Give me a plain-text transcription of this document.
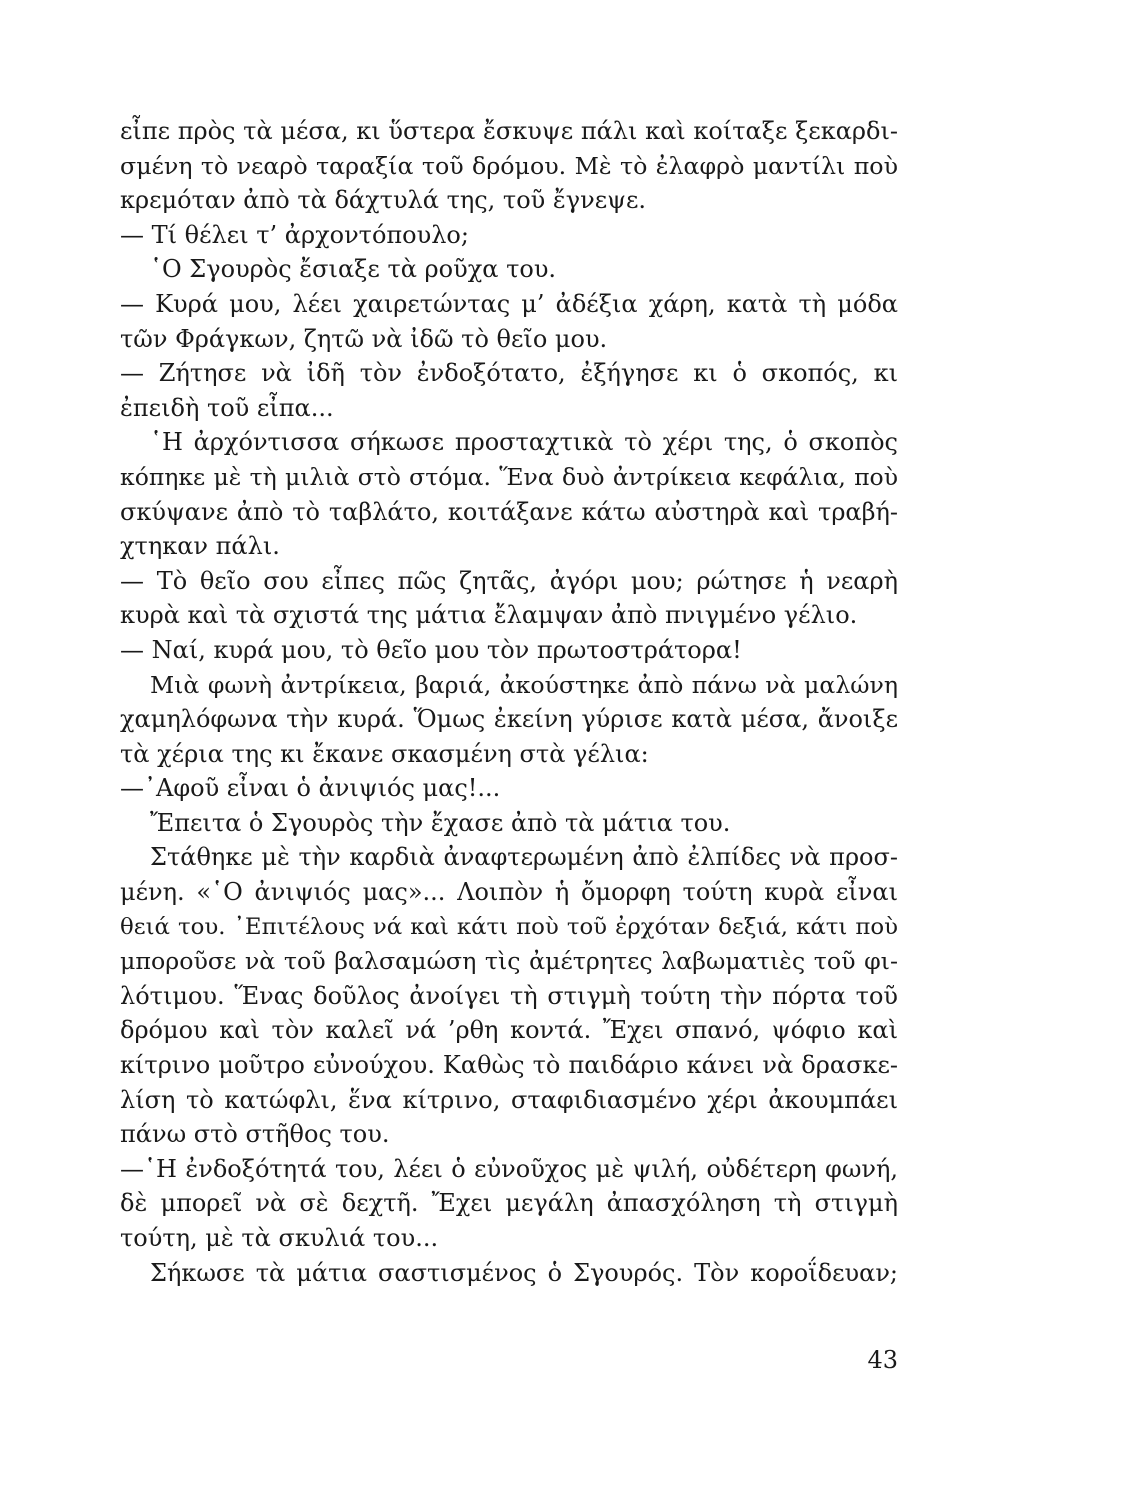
εἶπε πρὸς τὰ μέσα, κι ὕστερα ἔσκυψε πάλι καὶ κοίταξε ξεκαρδι-
σμένη τὸ νεαρὸ ταραξία τοῦ δρόμου. Μὲ τὸ ἐλαφρὸ μαντίλι ποὺ
κρεμόταν ἀπὸ τὰ δάχτυλά της, τοῦ ἔγνεψε.
— Τί θέλει τ’ ἀρχοντόπουλο;
῾Ο Σγουρὸς ἔσιαξε τὰ ροῦχα του.
— Κυρά μου, λέει χαιρετώντας μ’ ἀδέξια χάρη, κατὰ τὴ μόδα
τῶν Φράγκων, ζητῶ νὰ ἰδῶ τὸ θεῖο μου.
— Ζήτησε νὰ ἰδῆ τὸν ἐνδοξότατο, ἐξήγησε κι ὁ σκοπός, κι
ἐπειδὴ τοῦ εἶπα...
῾Η ἀρχόντισσα σήκωσε προσταχτικὰ τὸ χέρι της, ὁ σκοπὸς
κόπηκε μὲ τὴ μιλιὰ στὸ στόμα. Ἕνα δυὸ ἀντρίκεια κεφάλια, ποὺ
σκύψανε ἀπὸ τὸ ταβλάτο, κοιτάξανε κάτω αὐστηρὰ καὶ τραβή-
χτηκαν πάλι.
— Τὸ θεῖο σου εἶπες πῶς ζητᾶς, ἀγόρι μου; ρώτησε ἡ νεαρὴ
κυρὰ καὶ τὰ σχιστά της μάτια ἔλαμψαν ἀπὸ πνιγμένο γέλιο.
— Ναί, κυρά μου, τὸ θεῖο μου τὸν πρωτοστράτορα!
Μιὰ φωνὴ ἀντρίκεια, βαριά, ἀκούστηκε ἀπὸ πάνω νὰ μαλώνη
χαμηλόφωνα τὴν κυρά. Ὅμως ἐκείνη γύρισε κατὰ μέσα, ἄνοιξε
τὰ χέρια της κι ἔκανε σκασμένη στὰ γέλια:
—᾿Αφοῦ εἶναι ὁ ἀνιψιός μας!...
Ἔπειτα ὁ Σγουρὸς τὴν ἔχασε ἀπὸ τὰ μάτια του.
Στάθηκε μὲ τὴν καρδιὰ ἀναφτερωμένη ἀπὸ ἐλπίδες νὰ προσ-
μένη. «῾Ο ἀνιψιός μας»... Λοιπὸν ἡ ὄμορφη τούτη κυρὰ εἶναι
θειά του. ᾿Επιτέλους νά καὶ κάτι ποὺ τοῦ ἐρχόταν δεξιά, κάτι ποὺ
μποροῦσε νὰ τοῦ βαλσαμώση τὶς ἀμέτρητες λαβωματιὲς τοῦ φι-
λότιμου. Ἕνας δοῦλος ἀνοίγει τὴ στιγμὴ τούτη τὴν πόρτα τοῦ
δρόμου καὶ τὸν καλεῖ νά ’ρθη κοντά. Ἔχει σπανό, ψόφιο καὶ
κίτρινο μοῦτρο εὐνούχου. Καθὼς τὸ παιδάριο κάνει νὰ δρασκε-
λίση τὸ κατώφλι, ἕνα κίτρινο, σταφιδιασμένο χέρι ἀκουμπάει
πάνω στὸ στῆθος του.
—῾Η ἐνδοξότητά του, λέει ὁ εὐνοῦχος μὲ ψιλή, οὐδέτερη φωνή,
δὲ μπορεῖ νὰ σὲ δεχτῆ. Ἔχει μεγάλη ἀπασχόληση τὴ στιγμὴ
τούτη, μὲ τὰ σκυλιά του...
Σήκωσε τὰ μάτια σαστισμένος ὁ Σγουρός. Τὸν κοροΐδευαν;
43
